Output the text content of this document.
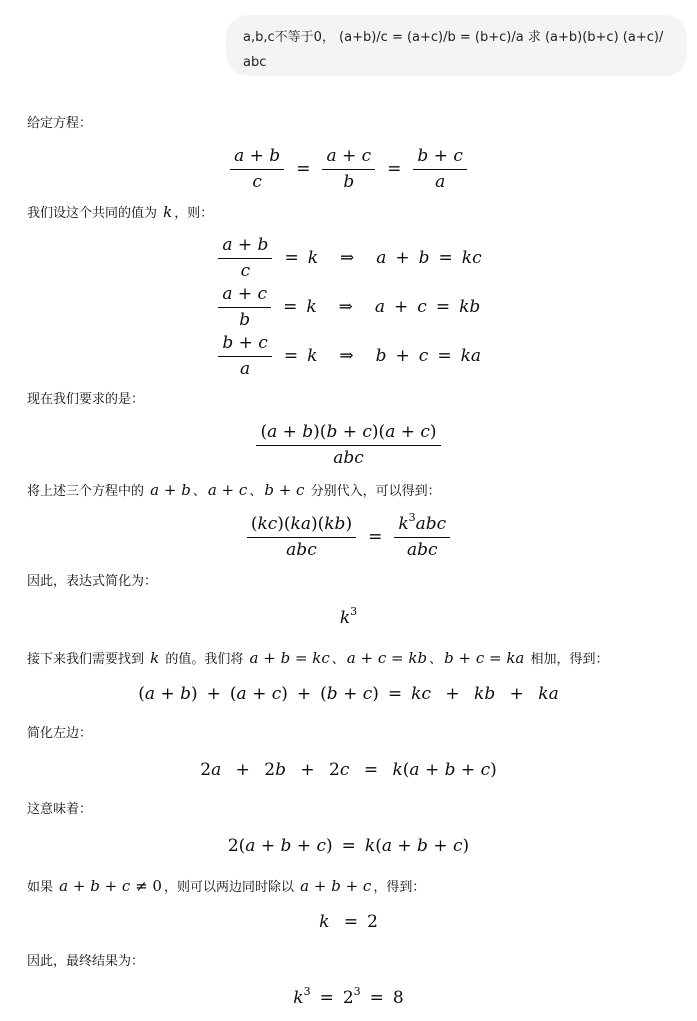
a,b,c不等于0， (a+b)/c = (a+c)/b = (b+c)/a 求 (a+b)(b+c) (a+c)/
abc
给定方程：
$\frac{a + b}{c} = \frac{a + c}{b} = \frac{b + c}{a}$
我们设这个共同的值为 k ，则：
$\frac{a + b}{c} = k$ ⇒ a + b = kc
$\frac{a + c}{b} = k$ ⇒ a + c = kb
$\frac{b + c}{a} = k$ ⇒ b + c = ka
现在我们要求的是：
$\frac{(a + b)(b + c)(a + c)}{\text{abc}}$
将上述三个方程中的 a + b 、 a + c 、 b + c 分别代入，可以得到：
$\frac{(kc)(ka)(kb)}{\text{abc}} = \frac{k^3abc}{\text{abc}}$
因此，表达式简化为：
$k^3$
接下来我们需要找到 k 的值。我们将 a + b = kc 、 a + c = kb 、 b + c = ka 相加，得到：
(a + b) + (a + c) + (b + c) = kc + kb + ka
简化左边：
2a + 2b + 2c = k(a + b + c)
这意味着：
2(a + b + c) = k(a + b + c)
如果 a + b + c ≠ 0 ，则可以两边同时除以 a + b + c ，得到：
k = 2
因此，最终结果为：
$k^3 = 2^3 = 8$
